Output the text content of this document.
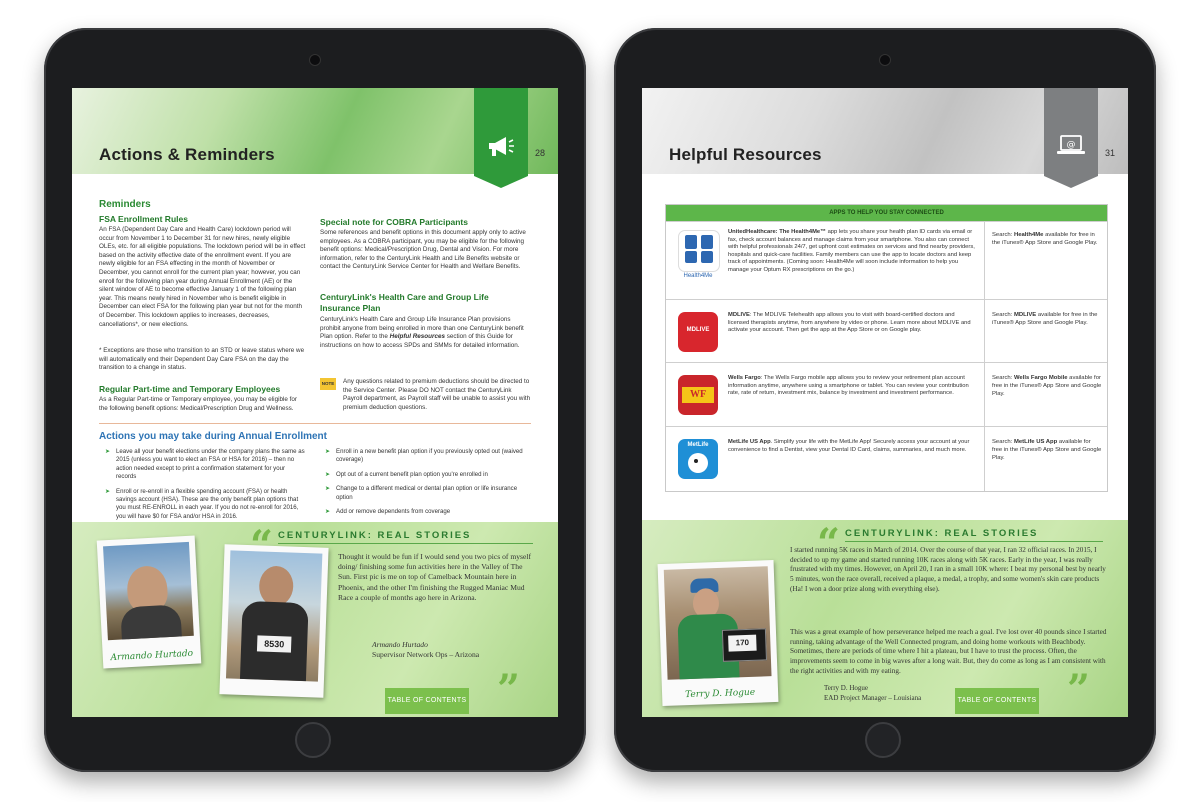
Actions & Reminders	28
Reminders
FSA Enrollment Rules
An FSA (Dependent Day Care and Health Care) lockdown period will occur from November 1 to December 31 for new hires, newly eligible OLEs, etc. for all eligible populations. The lockdown period will be in effect based on the activity effective date of the enrollment event. If you are newly eligible for an FSA effecting in the month of November or December, you cannot enroll for the current plan year; however, you can enroll for the following plan year during Annual Enrollment (AE) or the silent window of AE to become effective January 1 of the following plan year. This means newly hired in November who is benefit eligible in December can elect FSA for the following plan year but not for the month of December. This lockdown applies to increases, decreases, cancellations*, or new elections.
* Exceptions are those who transition to an STD or leave status where we will automatically end their Dependent Day Care FSA on the day the transition to a change in status.
Regular Part-time and Temporary Employees
As a Regular Part-time or Temporary employee, you may be eligible for the following benefit options: Medical/Prescription Drug and Wellness.
Special note for COBRA Participants
Some references and benefit options in this document apply only to active employees. As a COBRA participant, you may be eligible for the following benefit options: Medical/Prescription Drug, Dental and Vision. For more information, refer to the CenturyLink Health and Life Benefits website or contact the CenturyLink Service Center for Health and Welfare Benefits.
CenturyLink's Health Care and Group Life Insurance Plan
CenturyLink's Health Care and Group Life Insurance Plan provisions prohibit anyone from being enrolled in more than one CenturyLink benefit Plan option. Refer to the Helpful Resources section of this Guide for instructions on how to access SPDs and SMMs for detailed information.
NOTE Any questions related to premium deductions should be directed to the Service Center. Please DO NOT contact the CenturyLink Payroll department, as Payroll staff will be unable to assist you with premium deduction questions.
Actions you may take during Annual Enrollment
➤ Leave all your benefit elections under the company plans the same as 2015 (unless you want to elect an FSA or HSA for 2016) – then no action needed except to print a confirmation statement for your records
➤ Enroll or re-enroll in a flexible spending account (FSA) or health savings account (HSA). These are the only benefit plan options that you must RE-ENROLL in each year. If you do not re-enroll for 2016, you will have $0 for FSA and/or HSA in 2016.
➤ Enroll in a new benefit plan option if you previously opted out (waived coverage)
➤ Opt out of a current benefit plan option you're enrolled in
➤ Change to a different medical or dental plan option or life insurance option
➤ Add or remove dependents from coverage
CENTURYLINK: REAL STORIES
Armando Hurtado
8530
Thought it would be fun if I would send you two pics of myself doing/ finishing some fun activities here in the Valley of The Sun. First pic is me on top of Camelback Mountain here in Phoenix, and the other I'm finishing the Rugged Maniac Mud Race a couple of months ago here in Arizona.
Armando Hurtado
Supervisor Network Ops – Arizona
”
TABLE OF CONTENTS
Helpful Resources	@
31
APPS TO HELP YOU STAY CONNECTED
Health4Me
UnitedHealthcare: The Health4Me™ app lets you share your health plan ID cards via email or fax, check account balances and manage claims from your smartphone. You also can connect with helpful professionals 24/7, get upfront cost estimates on services and find nearby providers, hospitals and quick-care facilities. Family members can use the app to locate doctors and keep track of appointments. (Coming soon: Health4Me will soon include information to help you manage your Optum RX prescriptions on the go.)
Search: Health4Me available for free in the iTunes® App Store and Google Play.
MDLIVE
MDLIVE: The MDLIVE Telehealth app allows you to visit with board-certified doctors and licensed therapists anytime, from anywhere by video or phone. Learn more about MDLIVE and activate your account. Then get the app at the App Store or on Google play.
Search: MDLIVE available for free in the iTunes® App Store and Google Play.
WF
Wells Fargo: The Wells Fargo mobile app allows you to review your retirement plan account information anytime, anywhere using a smartphone or tablet. You can review your contribution rate, rate of return, investment mix, balance by investment and investment performance.
Search: Wells Fargo Mobile available for free in the iTunes® App Store and Google Play.
MetLife	MetLife US App. Simplify your life with the MetLife App! Securely access your account at your convenience to find a Dentist, view your Dental ID Card, claims, summaries, and much more.
Search: MetLife US App available for free in the iTunes® App Store and Google Play.
“ CENTURYLINK: REAL STORIES
170
Terry D. Hogue
I started running 5K races in March of 2014. Over the course of that year, I ran 32 official races. In 2015, I decided to up my game and started running 10K races along with 5K races. Early in the year, I was really frustrated with my times. However, on April 20, I ran in a small 10K where: I beat my personal best by nearly 5 minutes, won the race overall, received a plaque, a medal, a trophy, and some women's skin care products (Ha! I won a door prize along with everything else).
This was a great example of how perseverance helped me reach a goal. I've lost over 40 pounds since I started running, taking advantage of the Well Connected program, and doing home workouts with Beachbody. Sometimes, there are periods of time where I hit a plateau, but I have to trust the process. Often, the improvements seem to come in big waves after a long wait. But, they do come as long as I am consistent with the right activities and with my eating.
Terry D. Hogue
EAD Project Manager – Louisiana	”
TABLE OF CONTENTS
